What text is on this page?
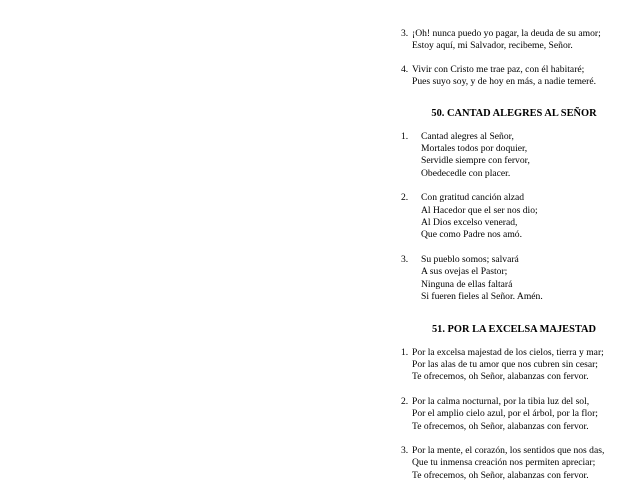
3. ¡Oh! nunca puedo yo pagar, la deuda de su amor;
Estoy aquí, mi Salvador, recibeme, Señor.
4. Vivir con Cristo me trae paz, con él habitaré;
Pues suyo soy, y de hoy en más, a nadie temeré.
50. CANTAD ALEGRES AL SEÑOR
1. Cantad alegres al Señor,
Mortales todos por doquier,
Servidle siempre con fervor,
Obedecedle con placer.
2. Con gratitud canción alzad
Al Hacedor que el ser nos dio;
Al Dios excelso venerad,
Que como Padre nos amó.
3. Su pueblo somos; salvará
A sus ovejas el Pastor;
Ninguna de ellas faltará
Si fueren fieles al Señor. Amén.
51. POR LA EXCELSA MAJESTAD
1. Por la excelsa majestad de los cielos, tierra y mar;
Por las alas de tu amor que nos cubren sin cesar;
Te ofrecemos, oh Señor, alabanzas con fervor.
2. Por la calma nocturnal, por la tibia luz del sol,
Por el amplio cielo azul, por el árbol, por la flor;
Te ofrecemos, oh Señor, alabanzas con fervor.
3. Por la mente, el corazón, los sentidos que nos das,
Que tu inmensa creación nos permiten apreciar;
Te ofrecemos, oh Señor, alabanzas con fervor.
